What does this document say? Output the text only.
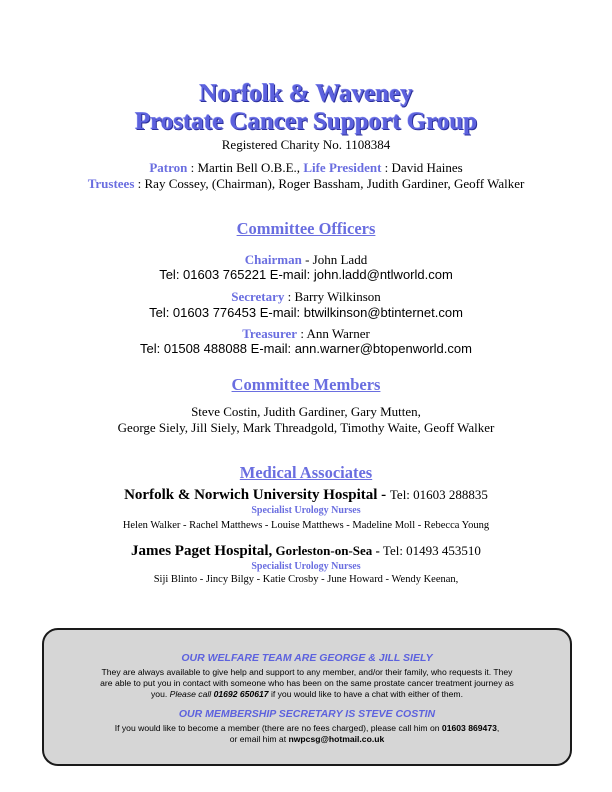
Norfolk & Waveney
Prostate Cancer Support Group
Registered Charity No. 1108384
Patron : Martin Bell O.B.E., Life President : David Haines
Trustees : Ray Cossey, (Chairman), Roger Bassham, Judith Gardiner, Geoff Walker
Committee Officers
Chairman - John Ladd
Tel: 01603 765221 E-mail: john.ladd@ntlworld.com
Secretary : Barry Wilkinson
Tel: 01603 776453 E-mail: btwilkinson@btinternet.com
Treasurer : Ann Warner
Tel: 01508 488088 E-mail: ann.warner@btopenworld.com
Committee Members
Steve Costin, Judith Gardiner, Gary Mutten,
George Siely, Jill Siely, Mark Threadgold, Timothy Waite, Geoff Walker
Medical Associates
Norfolk & Norwich University Hospital - Tel: 01603 288835
Specialist Urology Nurses
Helen Walker - Rachel Matthews - Louise Matthews - Madeline Moll - Rebecca Young
James Paget Hospital, Gorleston-on-Sea - Tel: 01493 453510
Specialist Urology Nurses
Siji Blinto - Jincy Bilgy - Katie Crosby - June Howard - Wendy Keenan,
OUR WELFARE TEAM ARE GEORGE & JILL SIELY
They are always available to give help and support to any member, and/or their family, who requests it. They
are able to put you in contact with someone who has been on the same prostate cancer treatment journey as
you. Please call 01692 650617 if you would like to have a chat with either of them.
OUR MEMBERSHIP SECRETARY IS STEVE COSTIN
If you would like to become a member (there are no fees charged), please call him on 01603 869473,
or email him at nwpcsg@hotmail.co.uk
